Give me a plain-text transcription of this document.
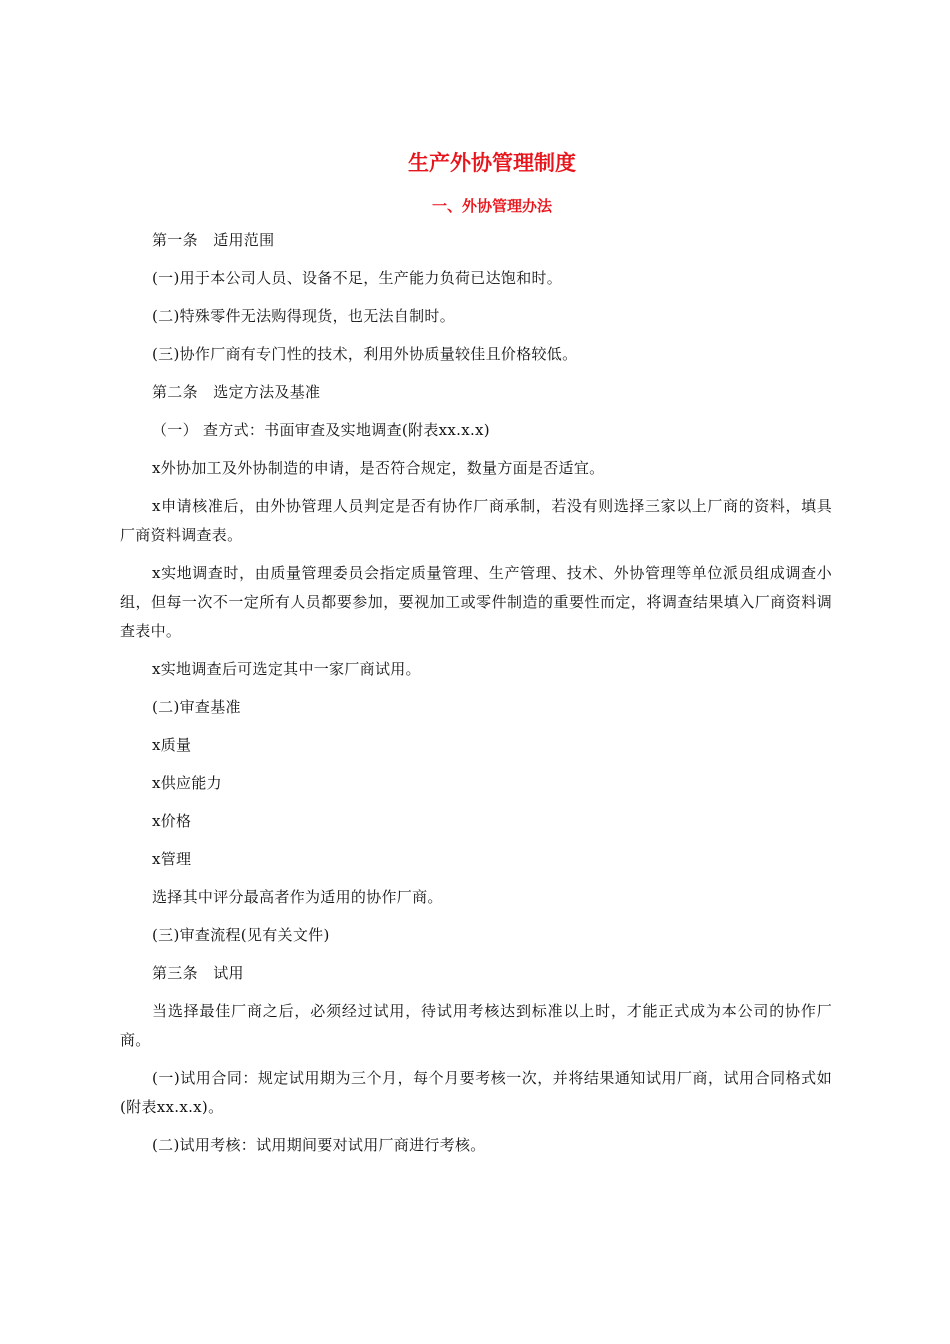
生产外协管理制度
一、外协管理办法

第一条　适用范围

(一)用于本公司人员、设备不足，生产能力负荷已达饱和时。

(二)特殊零件无法购得现货，也无法自制时。

(三)协作厂商有专门性的技术，利用外协质量较佳且价格较低。

第二条　选定方法及基准

（一） 查方式：书面审查及实地调查(附表xx.x.x)

x外协加工及外协制造的申请，是否符合规定，数量方面是否适宜。

x申请核准后，由外协管理人员判定是否有协作厂商承制，若没有则选择三家以上厂商的资料，填具厂商资料调查表。

x实地调查时，由质量管理委员会指定质量管理、生产管理、技术、外协管理等单位派员组成调查小组，但每一次不一定所有人员都要参加，要视加工或零件制造的重要性而定，将调查结果填入厂商资料调查表中。

x实地调查后可选定其中一家厂商试用。

(二)审查基准

x质量

x供应能力

x价格

x管理

选择其中评分最高者作为适用的协作厂商。

(三)审查流程(见有关文件)

第三条　试用

当选择最佳厂商之后，必须经过试用，待试用考核达到标准以上时，才能正式成为本公司的协作厂商。

(一)试用合同：规定试用期为三个月，每个月要考核一次，并将结果通知试用厂商，试用合同格式如(附表xx.x.x)。

(二)试用考核：试用期间要对试用厂商进行考核。
